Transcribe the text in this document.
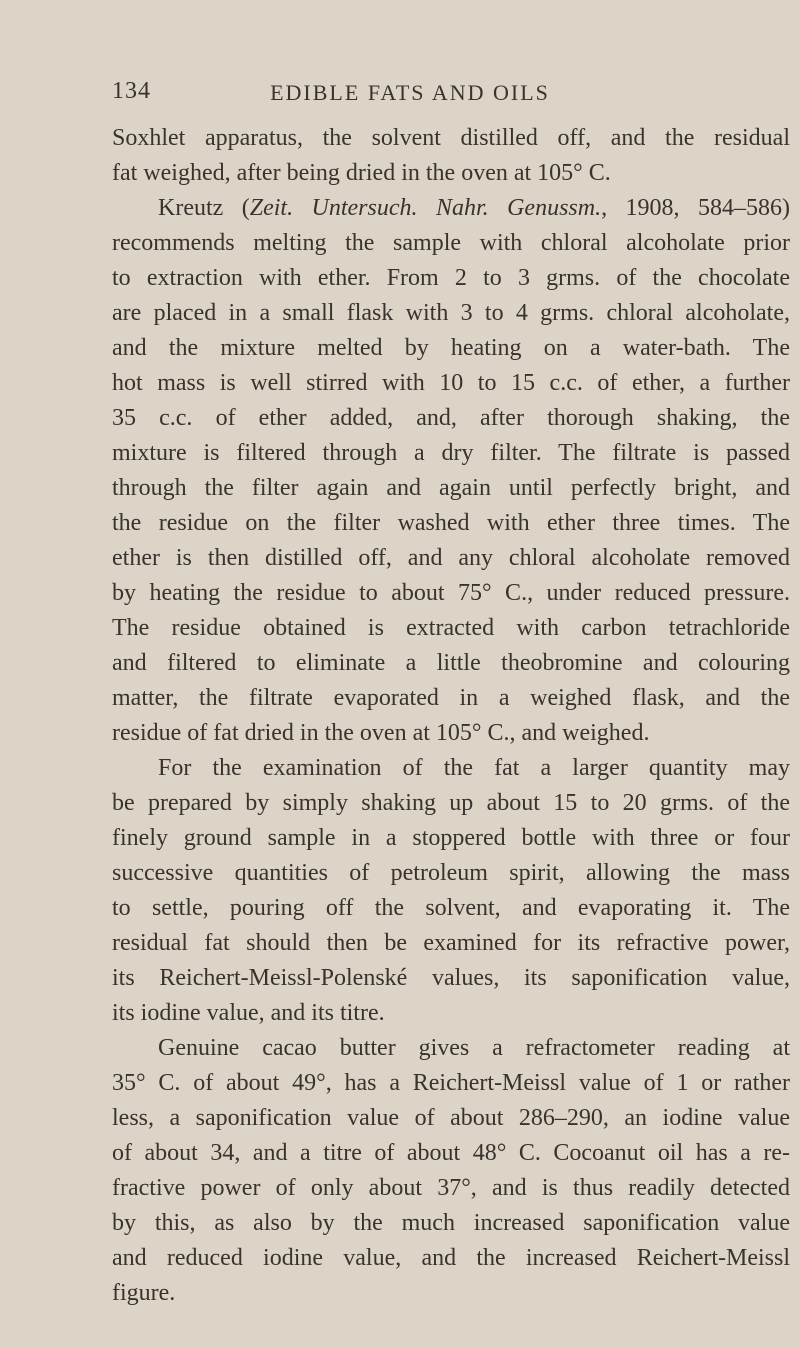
134	EDIBLE FATS AND OILS
Soxhlet apparatus, the solvent distilled off, and the residual
fat weighed, after being dried in the oven at 105° C.
Kreutz (Zeit. Untersuch. Nahr. Genussm., 1908, 584–586)
recommends melting the sample with chloral alcoholate prior
to extraction with ether. From 2 to 3 grms. of the chocolate
are placed in a small flask with 3 to 4 grms. chloral alcoholate,
and the mixture melted by heating on a water-bath. The
hot mass is well stirred with 10 to 15 c.c. of ether, a further
35 c.c. of ether added, and, after thorough shaking, the
mixture is filtered through a dry filter. The filtrate is passed
through the filter again and again until perfectly bright, and
the residue on the filter washed with ether three times. The
ether is then distilled off, and any chloral alcoholate removed
by heating the residue to about 75° C., under reduced pressure.
The residue obtained is extracted with carbon tetrachloride
and filtered to eliminate a little theobromine and colouring
matter, the filtrate evaporated in a weighed flask, and the
residue of fat dried in the oven at 105° C., and weighed.
For the examination of the fat a larger quantity may
be prepared by simply shaking up about 15 to 20 grms. of the
finely ground sample in a stoppered bottle with three or four
successive quantities of petroleum spirit, allowing the mass
to settle, pouring off the solvent, and evaporating it. The
residual fat should then be examined for its refractive power,
its Reichert-Meissl-Polenské values, its saponification value,
its iodine value, and its titre.
Genuine cacao butter gives a refractometer reading at
35° C. of about 49°, has a Reichert-Meissl value of 1 or rather
less, a saponification value of about 286–290, an iodine value
of about 34, and a titre of about 48° C. Cocoanut oil has a re-
fractive power of only about 37°, and is thus readily detected
by this, as also by the much increased saponification value
and reduced iodine value, and the increased Reichert-Meissl
figure.
